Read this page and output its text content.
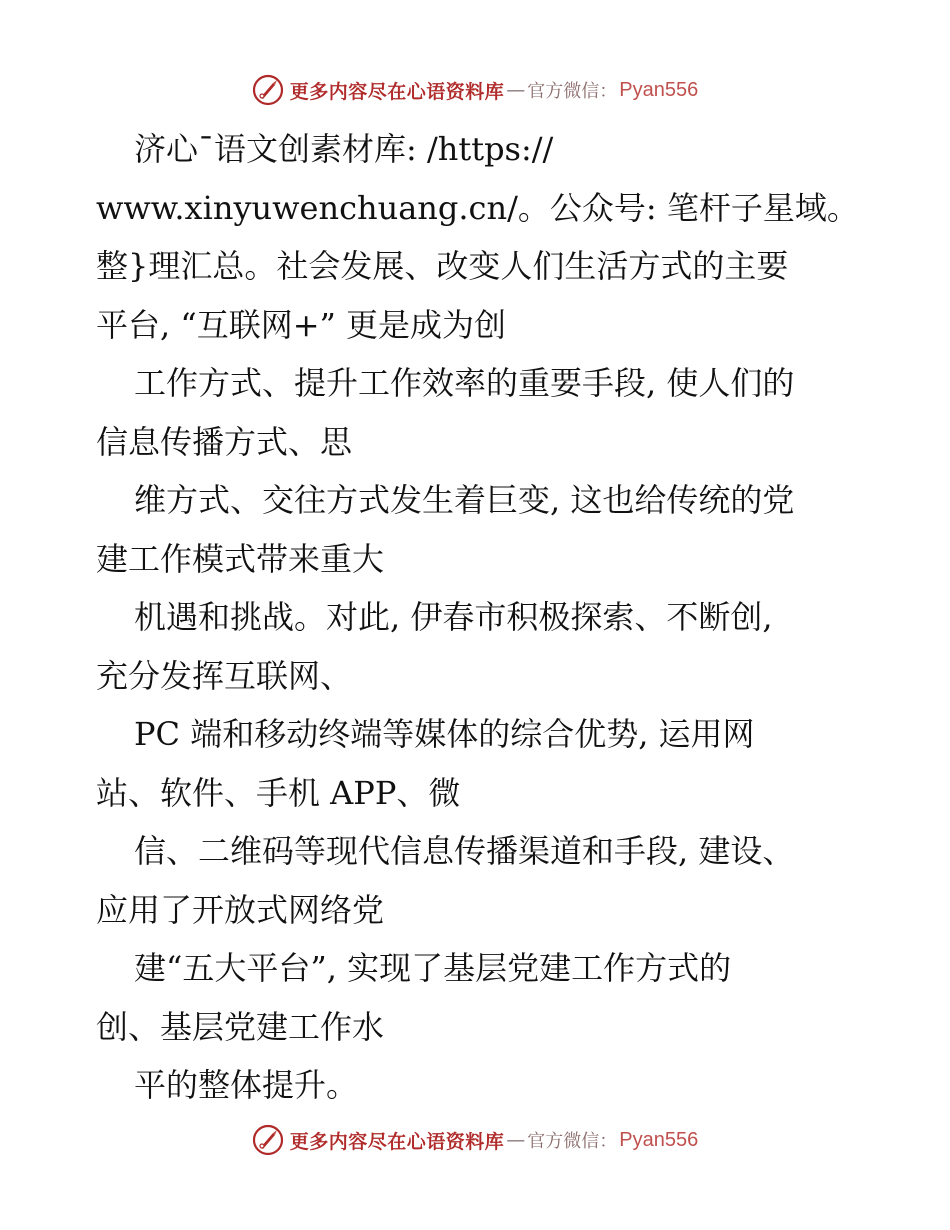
更多内容尽在心语资料库 — 官方微信： Pyan556
济心¯语文创素材库: /https://
www.xinyuwenchuang.cn/。公众号: 笔杆子星域。
整}理汇总。社会发展、改变人们生活方式的主要
平台, “互联网+” 更是成为创
工作方式、提升工作效率的重要手段, 使人们的
信息传播方式、思
维方式、交往方式发生着巨变, 这也给传统的党
建工作模式带来重大
机遇和挑战。对此, 伊春市积极探索、不断创,
充分发挥互联网、
PC 端和移动终端等媒体的综合优势, 运用网
站、软件、手机 APP、微
信、二维码等现代信息传播渠道和手段, 建设、
应用了开放式网络党
建“五大平台”, 实现了基层党建工作方式的
创、基层党建工作水
平的整体提升。
更多内容尽在心语资料库 — 官方微信： Pyan556
